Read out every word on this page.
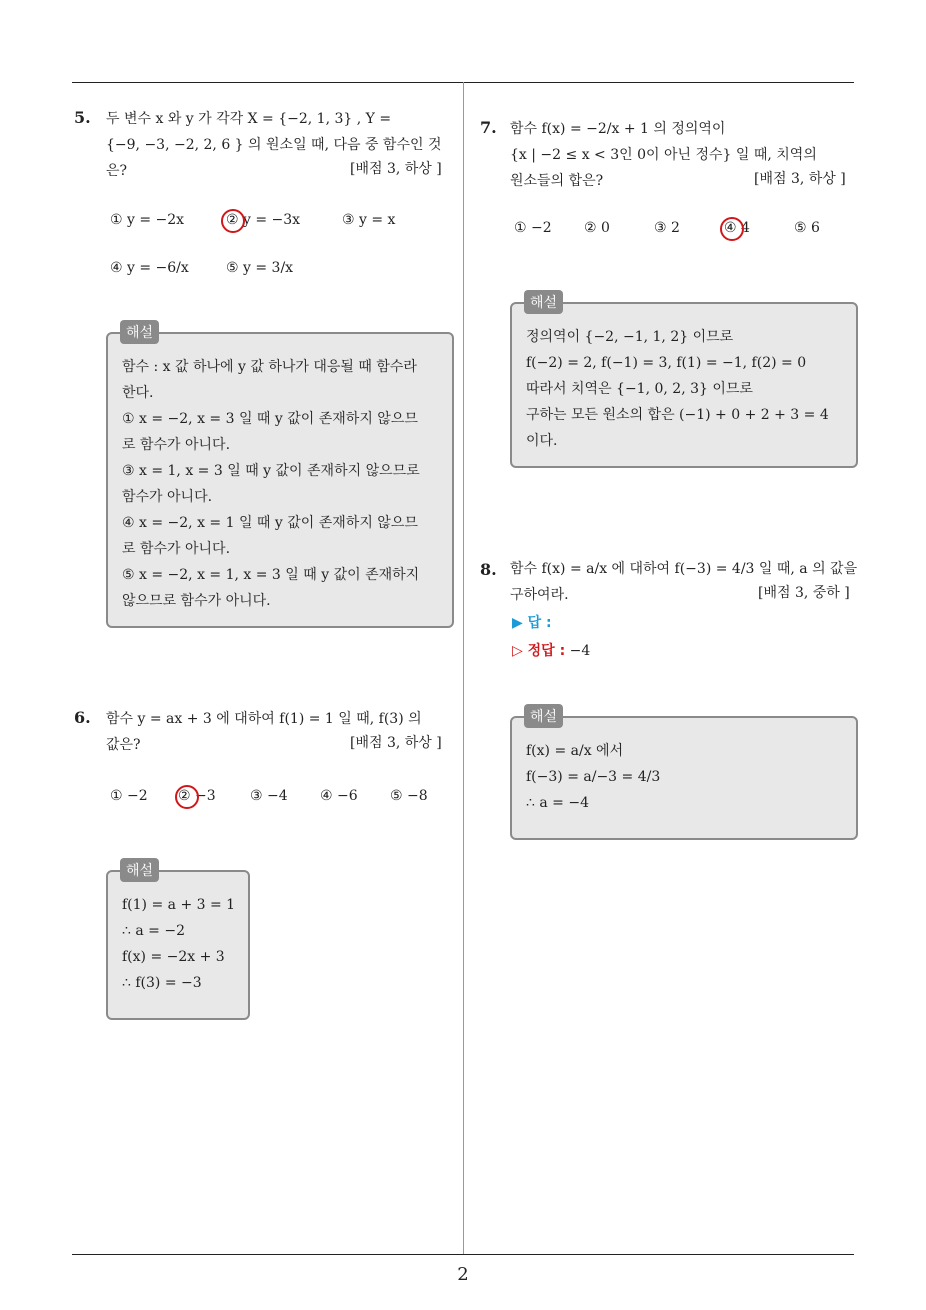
5. 두 변수 x 와 y 가 각각 X = {−2, 1, 3} , Y =
{−9, −3, −2, 2, 6 } 의 원소일 때, 다음 중 함수인 것
은?	[배점 3, 하상 ]
① y = −2x	② y = −3x	③ y = x
④ y = −6/x	⑤ y = 3/x
해설
함수 : x 값 하나에 y 값 하나가 대응될 때 함수라
한다.
① x = −2, x = 3 일 때 y 값이 존재하지 않으므
로 함수가 아니다.
③ x = 1, x = 3 일 때 y 값이 존재하지 않으므로
함수가 아니다.
④ x = −2, x = 1 일 때 y 값이 존재하지 않으므
로 함수가 아니다.
⑤ x = −2, x = 1, x = 3 일 때 y 값이 존재하지
않으므로 함수가 아니다.
6. 함수 y = ax + 3 에 대하여 f(1) = 1 일 때, f(3) 의
값은?	[배점 3, 하상 ]
① −2 ② −3 ③ −4 ④ −6 ⑤ −8
해설
f(1) = a + 3 = 1
∴ a = −2
f(x) = −2x + 3
∴ f(3) = −3
7. 함수 f(x) = −2/x + 1 의 정의역이
{x | −2 ≤ x < 3인 0이 아닌 정수} 일 때, 치역의
원소들의 합은?	[배점 3, 하상 ]
① −2 ② 0	③ 2	④ 4	⑤ 6
해설
정의역이 {−2, −1, 1, 2} 이므로
f(−2) = 2, f(−1) = 3, f(1) = −1, f(2) = 0
따라서 치역은 {−1, 0, 2, 3} 이므로
구하는 모든 원소의 합은 (−1) + 0 + 2 + 3 = 4
이다.
8. 함수 f(x) = a/x 에 대하여 f(−3) = 4/3 일 때, a 의 값을
구하여라.	[배점 3, 중하 ]
▶ 답 :
▷ 정답 : −4
해설
f(x) = a/x 에서
f(−3) = a/−3 = 4/3
∴ a = −4
2
